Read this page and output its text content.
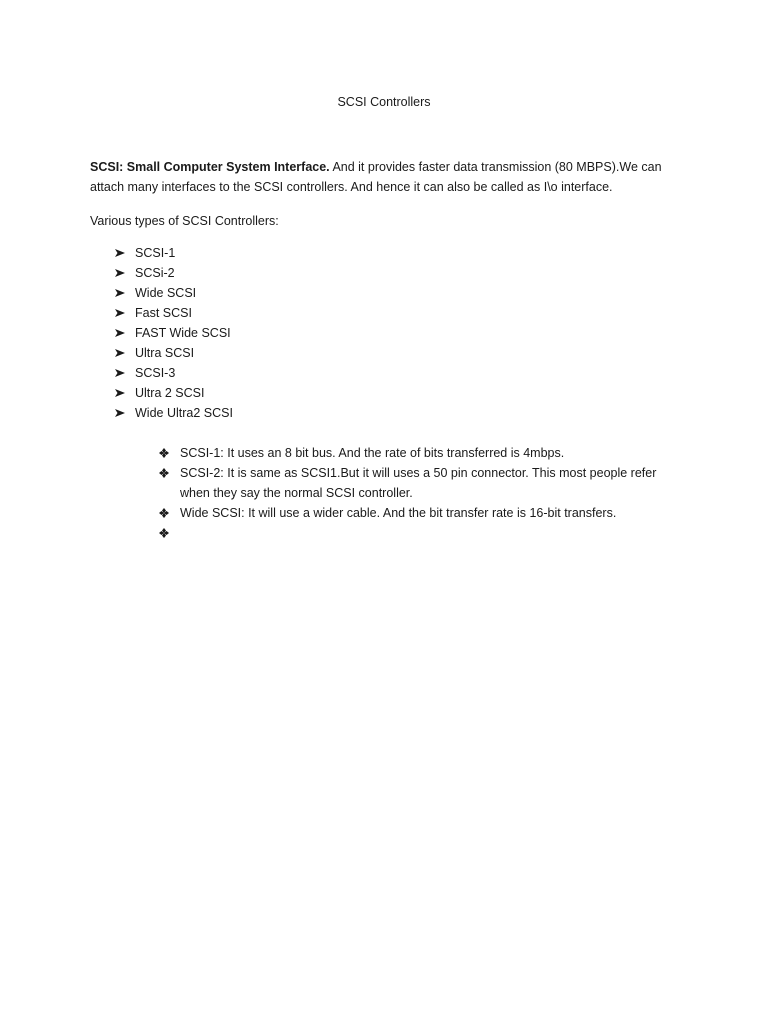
SCSI Controllers

SCSI: Small Computer System Interface. And it provides faster data transmission (80 MBPS).We can attach many interfaces to the SCSI controllers. And hence it can also be called as I\o interface.

Various types of SCSI Controllers:

SCSI-1
SCSi-2
Wide SCSI
Fast SCSI
FAST Wide SCSI
Ultra SCSI
SCSI-3
Ultra 2 SCSI
Wide Ultra2 SCSI
SCSI-1: It uses an 8 bit bus. And the rate of bits transferred is 4mbps.
SCSI-2: It is same as SCSI1.But it will uses a 50 pin connector. This most people refer when they say the normal SCSI controller.
Wide SCSI: It will use a wider cable. And the bit transfer rate is 16-bit transfers.
